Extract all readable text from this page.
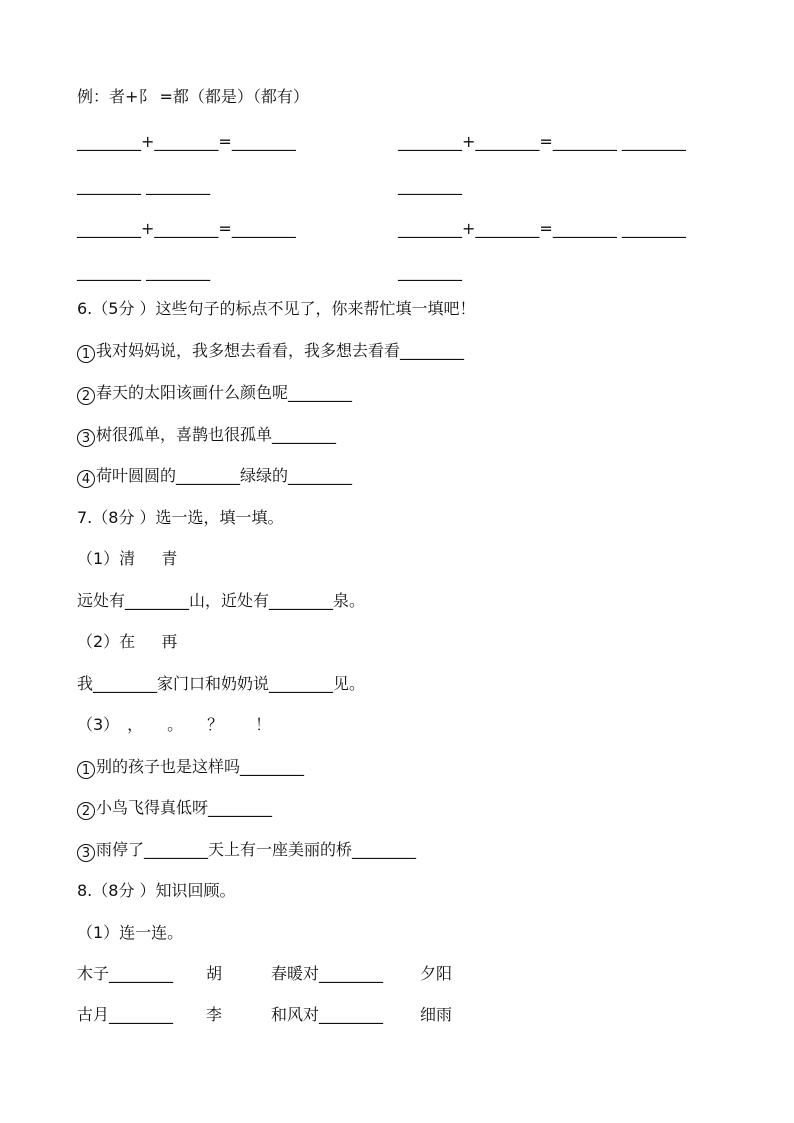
例：者+阝 =都（都是）（都有）
________+________=________	________+________=________ ________
________ ________	________
________+________=________	________+________=________ ________
________ ________	________
6.（5分 ）这些句子的标点不见了，你来帮忙填一填吧！
1 我对妈妈说，我多想去看看，我多想去看看________
2 春天的太阳该画什么颜色呢________
3 树很孤单，喜鹊也很孤单________
4 荷叶圆圆的________绿绿的________
7.（8分 ）选一选，填一填。
（1）清　  青
远处有________山，近处有________泉。
（2）在　  再
我________家门口和奶奶说________见。
（3）　，　　。　　？　　！
1 别的孩子也是这样吗________
2 小鸟飞得真低呀________
3 雨停了________天上有一座美丽的桥________
8.（8分 ）知识回顾。
（1）连一连。
木子________ 胡	春暖对________ 夕阳
古月________ 李	和风对________ 细雨
